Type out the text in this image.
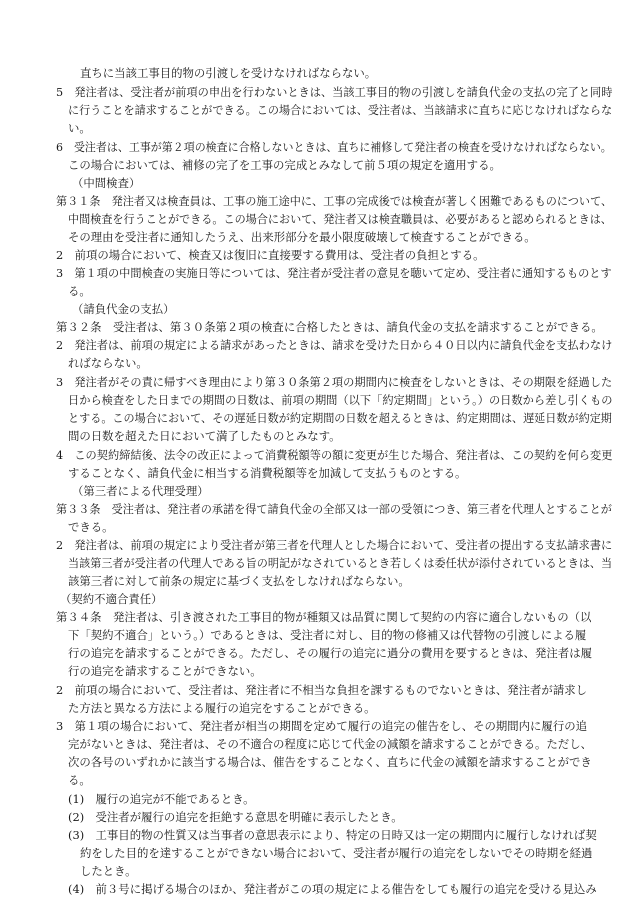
直ちに当該工事目的物の引渡しを受けなければならない。
5　発注者は、受注者が前項の申出を行わないときは、当該工事目的物の引渡しを請負代金の支払の完了と同時
に行うことを請求することができる。この場合においては、受注者は、当該請求に直ちに応じなければならな
い。
6　受注者は、工事が第２項の検査に合格しないときは、直ちに補修して発注者の検査を受けなければならない。
この場合においては、補修の完了を工事の完成とみなして前５項の規定を適用する。
（中間検査）
第３１条　発注者又は検査員は、工事の施工途中に、工事の完成後では検査が著しく困難であるものについて、
中間検査を行うことができる。この場合において、発注者又は検査職員は、必要があると認められるときは、
その理由を受注者に通知したうえ、出来形部分を最小限度破壊して検査することができる。
2　前項の場合において、検査又は復旧に直接要する費用は、受注者の負担とする。
3　第１項の中間検査の実施日等については、発注者が受注者の意見を聴いて定め、受注者に通知するものとす
る。
（請負代金の支払）
第３２条　受注者は、第３０条第２項の検査に合格したときは、請負代金の支払を請求することができる。
2　発注者は、前項の規定による請求があったときは、請求を受けた日から４０日以内に請負代金を支払わなけ
ればならない。
3　発注者がその責に帰すべき理由により第３０条第２項の期間内に検査をしないときは、その期限を経過した
日から検査をした日までの期間の日数は、前項の期間（以下「約定期間」という。）の日数から差し引くもの
とする。この場合において、その遅延日数が約定期間の日数を超えるときは、約定期間は、遅延日数が約定期
間の日数を超えた日において満了したものとみなす。
4　この契約締結後、法令の改正によって消費税額等の額に変更が生じた場合、発注者は、この契約を何ら変更
することなく、請負代金に相当する消費税額等を加減して支払うものとする。
（第三者による代理受理）
第３３条　受注者は、発注者の承諾を得て請負代金の全部又は一部の受領につき、第三者を代理人とすることが
できる。
2　発注者は、前項の規定により受注者が第三者を代理人とした場合において、受注者の提出する支払請求書に
当該第三者が受注者の代理人である旨の明記がなされているとき若しくは委任状が添付されているときは、当
該第三者に対して前条の規定に基づく支払をしなければならない。
（契約不適合責任）
第３４条　発注者は、引き渡された工事目的物が種類又は品質に関して契約の内容に適合しないもの（以
下「契約不適合」という。）であるときは、受注者に対し、目的物の修補又は代替物の引渡しによる履
行の追完を請求することができる。ただし、その履行の追完に過分の費用を要するときは、発注者は履
行の追完を請求することができない。
2　前項の場合において、受注者は、発注者に不相当な負担を課するものでないときは、発注者が請求し
た方法と異なる方法による履行の追完をすることができる。
3　第１項の場合において、発注者が相当の期間を定めて履行の追完の催告をし、その期間内に履行の追
完がないときは、発注者は、その不適合の程度に応じて代金の減額を請求することができる。ただし、
次の各号のいずれかに該当する場合は、催告をすることなく、直ちに代金の減額を請求することができ
る。
(1)　履行の追完が不能であるとき。
(2)　受注者が履行の追完を拒絶する意思を明確に表示したとき。
(3)　工事目的物の性質又は当事者の意思表示により、特定の日時又は一定の期間内に履行しなければ契
約をした目的を達することができない場合において、受注者が履行の追完をしないでその時期を経過
したとき。
(4)　前３号に掲げる場合のほか、発注者がこの項の規定による催告をしても履行の追完を受ける見込み
